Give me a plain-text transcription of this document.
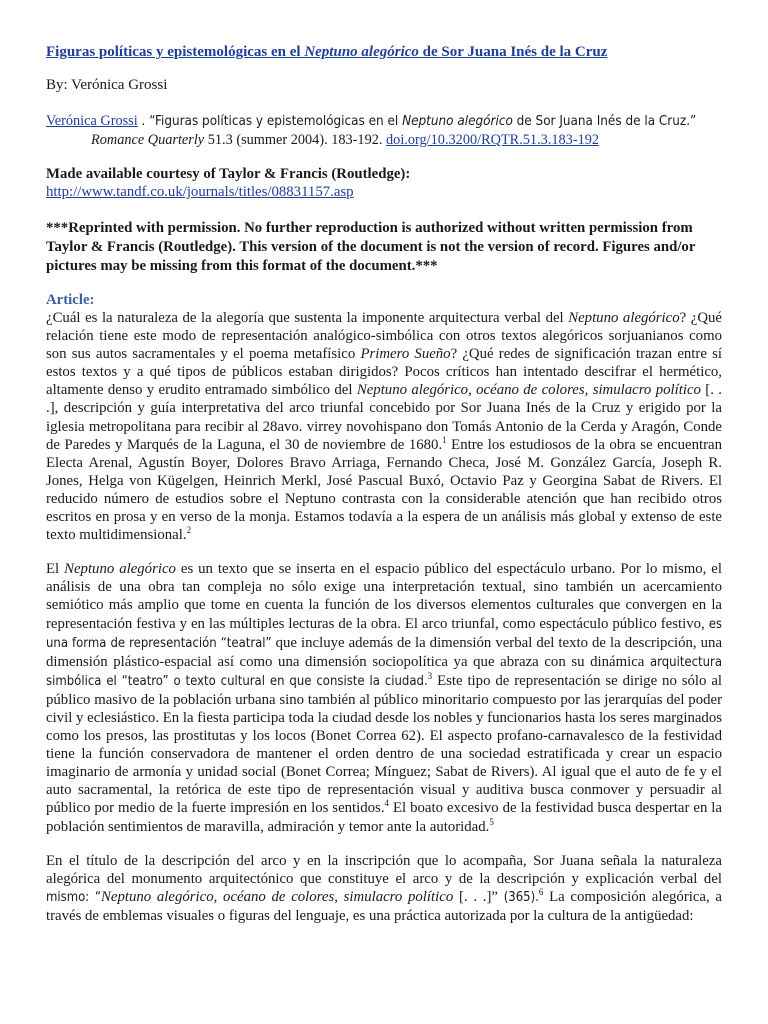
Figuras políticas y epistemológicas en el Neptuno alegórico de Sor Juana Inés de la Cruz

By: Verónica Grossi

Verónica Grossi . “Figuras políticas y epistemológicas en el Neptuno alegórico de Sor Juana Inés de la Cruz.”
Romance Quarterly 51.3 (summer 2004). 183-192. doi.org/10.3200/RQTR.51.3.183-192

Made available courtesy of Taylor & Francis (Routledge):

http://www.tandf.co.uk/journals/titles/08831157.asp

***Reprinted with permission. No further reproduction is authorized without written permission from Taylor & Francis (Routledge). This version of the document is not the version of record. Figures and/or pictures may be missing from this format of the document.***

Article:

¿Cuál es la naturaleza de la alegoría que sustenta la imponente arquitectura verbal del Neptuno alegórico? ¿Qué relación tiene este modo de representación analógico-simbólica con otros textos alegóricos sorjuanianos como son sus autos sacramentales y el poema metafísico Primero Sueño? ¿Qué redes de significación trazan entre sí estos textos y a qué tipos de públicos estaban dirigidos? Pocos críticos han intentado descifrar el hermético, altamente denso y erudito entramado simbólico del Neptuno alegórico, océano de colores, simulacro político [. . .], descripción y guía interpretativa del arco triunfal concebido por Sor Juana Inés de la Cruz y erigido por la iglesia metropolitana para recibir al 28avo. virrey novohispano don Tomás Antonio de la Cerda y Aragón, Conde de Paredes y Marqués de la Laguna, el 30 de noviembre de 1680.$^1$ Entre los estudiosos de la obra se encuentran Electa Arenal, Agustín Boyer, Dolores Bravo Arriaga, Fernando Checa, José M. González García, Joseph R. Jones, Helga von Kügelgen, Heinrich Merkl, José Pascual Buxó, Octavio Paz y Georgina Sabat de Rivers. El reducido número de estudios sobre el Neptuno contrasta con la considerable atención que han recibido otros escritos en prosa y en verso de la monja. Estamos todavía a la espera de un análisis más global y extenso de este texto multidimensional.$^2$

El Neptuno alegórico es un texto que se inserta en el espacio público del espectáculo urbano. Por lo mismo, el análisis de una obra tan compleja no sólo exige una interpretación textual, sino también un acercamiento semiótico más amplio que tome en cuenta la función de los diversos elementos culturales que convergen en la representación festiva y en las múltiples lecturas de la obra. El arco triunfal, como espectáculo público festivo, es una forma de representación “teatral” que incluye además de la dimensión verbal del texto de la descripción, una dimensión plástico-espacial así como una dimensión sociopolítica ya que abraza con su dinámica arquitectura simbólica el “teatro” o texto cultural en que consiste la ciudad.$^3$ Este tipo de representación se dirige no sólo al público masivo de la población urbana sino también al público minoritario compuesto por las jerarquías del poder civil y eclesiástico. En la fiesta participa toda la ciudad desde los nobles y funcionarios hasta los seres marginados como los presos, las prostitutas y los locos (Bonet Correa 62). El aspecto profano-carnavalesco de la festividad tiene la función conservadora de mantener el orden dentro de una sociedad estratificada y crear un espacio imaginario de armonía y unidad social (Bonet Correa; Mínguez; Sabat de Rivers). Al igual que el auto de fe y el auto sacramental, la retórica de este tipo de representación visual y auditiva busca conmover y persuadir al público por medio de la fuerte impresión en los sentidos.$^4$ El boato excesivo de la festividad busca despertar en la población sentimientos de maravilla, admiración y temor ante la autoridad.$^5$

En el título de la descripción del arco y en la inscripción que lo acompaña, Sor Juana señala la naturaleza alegórica del monumento arquitectónico que constituye el arco y de la descripción y explicación verbal del mismo: “Neptuno alegórico, océano de colores, simulacro político [. . .]” (365).$^6$ La composición alegórica, a través de emblemas visuales o figuras del lenguaje, es una práctica autorizada por la cultura de la antigüedad:
